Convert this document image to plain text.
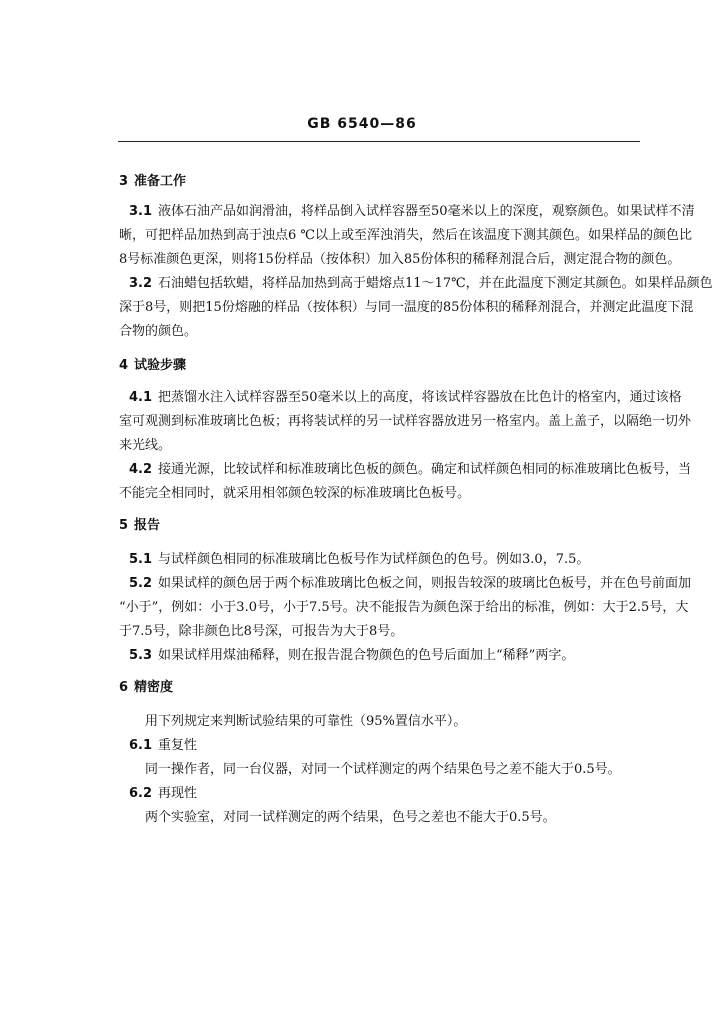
GB 6540—86
3 准备工作
3.1 液体石油产品如润滑油，将样品倒入试样容器至50毫米以上的深度，观察颜色。如果试样不清
晰，可把样品加热到高于浊点6 ℃以上或至浑浊消失，然后在该温度下测其颜色。如果样品的颜色比
8号标准颜色更深，则将15份样品（按体积）加入85份体积的稀释剂混合后，测定混合物的颜色。
3.2 石油蜡包括软蜡，将样品加热到高于蜡熔点11～17℃，并在此温度下测定其颜色。如果样品颜色
深于8号，则把15份熔融的样品（按体积）与同一温度的85份体积的稀释剂混合，并测定此温度下混
合物的颜色。
4 试验步骤
4.1 把蒸馏水注入试样容器至50毫米以上的高度，将该试样容器放在比色计的格室内，通过该格
室可观测到标准玻璃比色板；再将装试样的另一试样容器放进另一格室内。盖上盖子，以隔绝一切外
来光线。
4.2 接通光源，比较试样和标准玻璃比色板的颜色。确定和试样颜色相同的标准玻璃比色板号，当
不能完全相同时，就采用相邻颜色较深的标准玻璃比色板号。
5 报告
5.1 与试样颜色相同的标准玻璃比色板号作为试样颜色的色号。例如3.0，7.5。
5.2 如果试样的颜色居于两个标准玻璃比色板之间，则报告较深的玻璃比色板号，并在色号前面加
“小于”，例如：小于3.0号，小于7.5号。决不能报告为颜色深于给出的标准，例如：大于2.5号，大
于7.5号，除非颜色比8号深，可报告为大于8号。
5.3 如果试样用煤油稀释，则在报告混合物颜色的色号后面加上“稀释”两字。
6 精密度
用下列规定来判断试验结果的可靠性（95%置信水平）。
6.1 重复性
同一操作者，同一台仪器，对同一个试样测定的两个结果色号之差不能大于0.5号。
6.2 再现性
两个实验室，对同一试样测定的两个结果，色号之差也不能大于0.5号。
